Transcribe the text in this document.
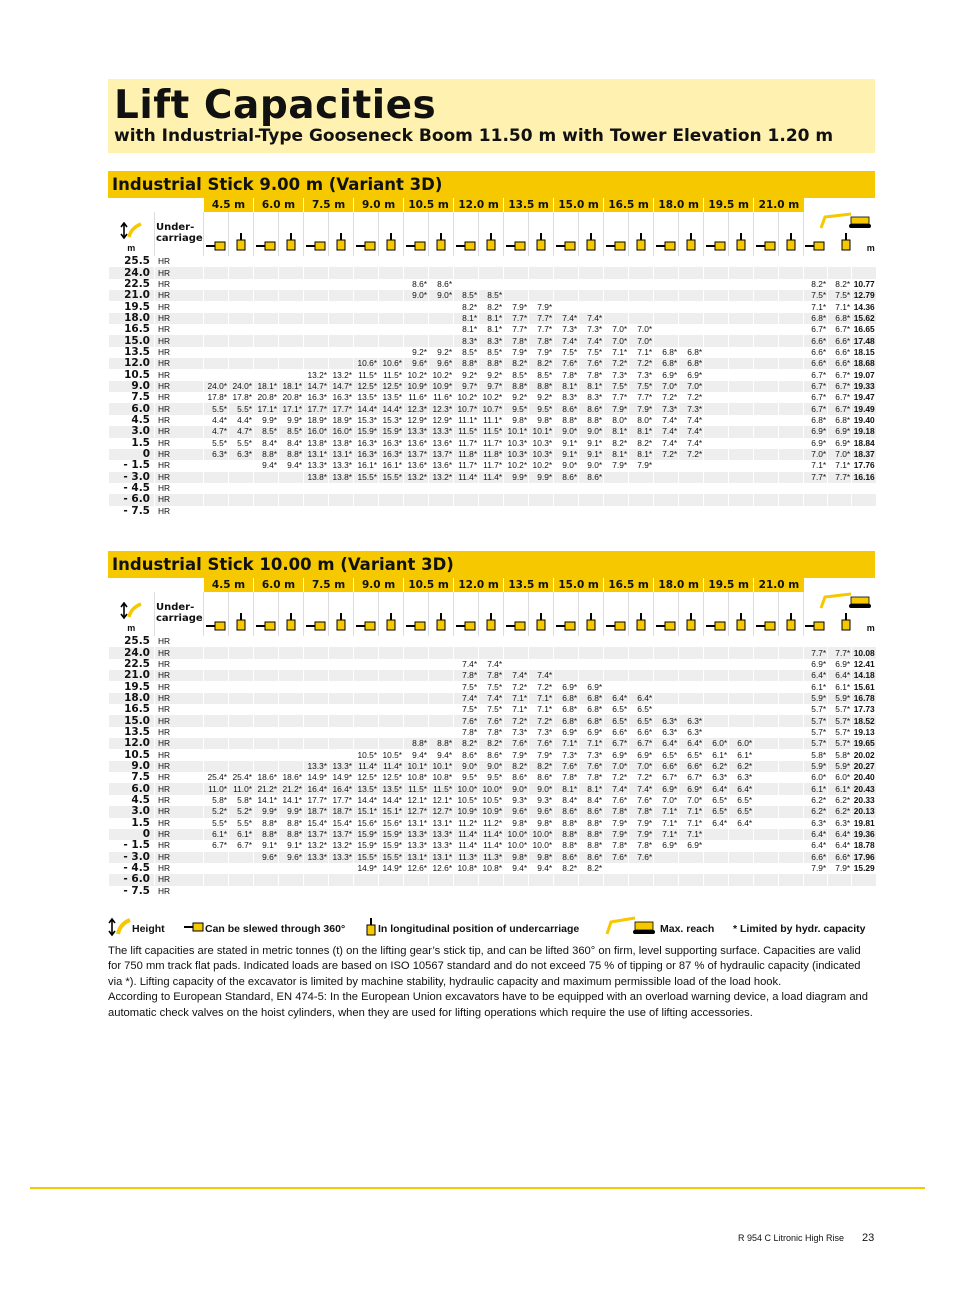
Lift Capacities
with Industrial-Type Gooseneck Boom 11.50 m with Tower Elevation 1.20 m
Industrial Stick 9.00 m (Variant 3D)
		4.5 m		6.0 m		7.5 m		9.0 m		10.5 m		12.0 m		13.5 m		15.0 m		16.5 m		18.0 m		19.5 m		21.0 m				

m	Under-
carriage																									m		

25.5	HR																											
24.0	HR																											
22.5	HR									8.6*	8.6*															8.2*	8.2*	10.77
21.0	HR									9.0*	9.0*	8.5*	8.5*													7.5*	7.5*	12.79
19.5	HR											8.2*	8.2*	7.9*	7.9*											7.1*	7.1*	14.36
18.0	HR											8.1*	8.1*	7.7*	7.7*	7.4*	7.4*									6.8*	6.8*	15.62
16.5	HR											8.1*	8.1*	7.7*	7.7*	7.3*	7.3*	7.0*	7.0*							6.7*	6.7*	16.65
15.0	HR											8.3*	8.3*	7.8*	7.8*	7.4*	7.4*	7.0*	7.0*							6.6*	6.6*	17.48
13.5	HR									9.2*	9.2*	8.5*	8.5*	7.9*	7.9*	7.5*	7.5*	7.1*	7.1*	6.8*	6.8*					6.6*	6.6*	18.15
12.0	HR							10.6*	10.6*	9.6*	9.6*	8.8*	8.8*	8.2*	8.2*	7.6*	7.6*	7.2*	7.2*	6.8*	6.8*					6.6*	6.6*	18.68
10.5	HR					13.2*	13.2*	11.5*	11.5*	10.2*	10.2*	9.2*	9.2*	8.5*	8.5*	7.8*	7.8*	7.3*	7.3*	6.9*	6.9*					6.7*	6.7*	19.07
9.0	HR	24.0*	24.0*	18.1*	18.1*	14.7*	14.7*	12.5*	12.5*	10.9*	10.9*	9.7*	9.7*	8.8*	8.8*	8.1*	8.1*	7.5*	7.5*	7.0*	7.0*					6.7*	6.7*	19.33
7.5	HR	17.8*	17.8*	20.8*	20.8*	16.3*	16.3*	13.5*	13.5*	11.6*	11.6*	10.2*	10.2*	9.2*	9.2*	8.3*	8.3*	7.7*	7.7*	7.2*	7.2*					6.7*	6.7*	19.47
6.0	HR	5.5*	5.5*	17.1*	17.1*	17.7*	17.7*	14.4*	14.4*	12.3*	12.3*	10.7*	10.7*	9.5*	9.5*	8.6*	8.6*	7.9*	7.9*	7.3*	7.3*					6.7*	6.7*	19.49
4.5	HR	4.4*	4.4*	9.9*	9.9*	18.9*	18.9*	15.3*	15.3*	12.9*	12.9*	11.1*	11.1*	9.8*	9.8*	8.8*	8.8*	8.0*	8.0*	7.4*	7.4*					6.8*	6.8*	19.40
3.0	HR	4.7*	4.7*	8.5*	8.5*	16.0*	16.0*	15.9*	15.9*	13.3*	13.3*	11.5*	11.5*	10.1*	10.1*	9.0*	9.0*	8.1*	8.1*	7.4*	7.4*					6.9*	6.9*	19.18
1.5	HR	5.5*	5.5*	8.4*	8.4*	13.8*	13.8*	16.3*	16.3*	13.6*	13.6*	11.7*	11.7*	10.3*	10.3*	9.1*	9.1*	8.2*	8.2*	7.4*	7.4*					6.9*	6.9*	18.84
0	HR	6.3*	6.3*	8.8*	8.8*	13.1*	13.1*	16.3*	16.3*	13.7*	13.7*	11.8*	11.8*	10.3*	10.3*	9.1*	9.1*	8.1*	8.1*	7.2*	7.2*					7.0*	7.0*	18.37
- 1.5	HR			9.4*	9.4*	13.3*	13.3*	16.1*	16.1*	13.6*	13.6*	11.7*	11.7*	10.2*	10.2*	9.0*	9.0*	7.9*	7.9*							7.1*	7.1*	17.76
- 3.0	HR					13.8*	13.8*	15.5*	15.5*	13.2*	13.2*	11.4*	11.4*	9.9*	9.9*	8.6*	8.6*									7.7*	7.7*	16.16
- 4.5	HR																											
- 6.0	HR																											
- 7.5	HR																											
Industrial Stick 10.00 m (Variant 3D)
		4.5 m		6.0 m		7.5 m		9.0 m		10.5 m		12.0 m		13.5 m		15.0 m		16.5 m		18.0 m		19.5 m		21.0 m				

m	Under-
carriage																									m		

25.5	HR																											
24.0	HR																									7.7*	7.7*	10.08
22.5	HR											7.4*	7.4*													6.9*	6.9*	12.41
21.0	HR											7.8*	7.8*	7.4*	7.4*											6.4*	6.4*	14.18
19.5	HR											7.5*	7.5*	7.2*	7.2*	6.9*	6.9*									6.1*	6.1*	15.61
18.0	HR											7.4*	7.4*	7.1*	7.1*	6.8*	6.8*	6.4*	6.4*							5.9*	5.9*	16.78
16.5	HR											7.5*	7.5*	7.1*	7.1*	6.8*	6.8*	6.5*	6.5*							5.7*	5.7*	17.73
15.0	HR											7.6*	7.6*	7.2*	7.2*	6.8*	6.8*	6.5*	6.5*	6.3*	6.3*					5.7*	5.7*	18.52
13.5	HR											7.8*	7.8*	7.3*	7.3*	6.9*	6.9*	6.6*	6.6*	6.3*	6.3*					5.7*	5.7*	19.13
12.0	HR									8.8*	8.8*	8.2*	8.2*	7.6*	7.6*	7.1*	7.1*	6.7*	6.7*	6.4*	6.4*	6.0*	6.0*			5.7*	5.7*	19.65
10.5	HR							10.5*	10.5*	9.4*	9.4*	8.6*	8.6*	7.9*	7.9*	7.3*	7.3*	6.9*	6.9*	6.5*	6.5*	6.1*	6.1*			5.8*	5.8*	20.02
9.0	HR					13.3*	13.3*	11.4*	11.4*	10.1*	10.1*	9.0*	9.0*	8.2*	8.2*	7.6*	7.6*	7.0*	7.0*	6.6*	6.6*	6.2*	6.2*			5.9*	5.9*	20.27
7.5	HR	25.4*	25.4*	18.6*	18.6*	14.9*	14.9*	12.5*	12.5*	10.8*	10.8*	9.5*	9.5*	8.6*	8.6*	7.8*	7.8*	7.2*	7.2*	6.7*	6.7*	6.3*	6.3*			6.0*	6.0*	20.40
6.0	HR	11.0*	11.0*	21.2*	21.2*	16.4*	16.4*	13.5*	13.5*	11.5*	11.5*	10.0*	10.0*	9.0*	9.0*	8.1*	8.1*	7.4*	7.4*	6.9*	6.9*	6.4*	6.4*			6.1*	6.1*	20.43
4.5	HR	5.8*	5.8*	14.1*	14.1*	17.7*	17.7*	14.4*	14.4*	12.1*	12.1*	10.5*	10.5*	9.3*	9.3*	8.4*	8.4*	7.6*	7.6*	7.0*	7.0*	6.5*	6.5*			6.2*	6.2*	20.33
3.0	HR	5.2*	5.2*	9.9*	9.9*	18.7*	18.7*	15.1*	15.1*	12.7*	12.7*	10.9*	10.9*	9.6*	9.6*	8.6*	8.6*	7.8*	7.8*	7.1*	7.1*	6.5*	6.5*			6.2*	6.2*	20.13
1.5	HR	5.5*	5.5*	8.8*	8.8*	15.4*	15.4*	15.6*	15.6*	13.1*	13.1*	11.2*	11.2*	9.8*	9.8*	8.8*	8.8*	7.9*	7.9*	7.1*	7.1*	6.4*	6.4*			6.3*	6.3*	19.81
0	HR	6.1*	6.1*	8.8*	8.8*	13.7*	13.7*	15.9*	15.9*	13.3*	13.3*	11.4*	11.4*	10.0*	10.0*	8.8*	8.8*	7.9*	7.9*	7.1*	7.1*					6.4*	6.4*	19.36
- 1.5	HR	6.7*	6.7*	9.1*	9.1*	13.2*	13.2*	15.9*	15.9*	13.3*	13.3*	11.4*	11.4*	10.0*	10.0*	8.8*	8.8*	7.8*	7.8*	6.9*	6.9*					6.4*	6.4*	18.78
- 3.0	HR			9.6*	9.6*	13.3*	13.3*	15.5*	15.5*	13.1*	13.1*	11.3*	11.3*	9.8*	9.8*	8.6*	8.6*	7.6*	7.6*							6.6*	6.6*	17.96
- 4.5	HR							14.9*	14.9*	12.6*	12.6*	10.8*	10.8*	9.4*	9.4*	8.2*	8.2*									7.9*	7.9*	15.29
- 6.0	HR																											
- 7.5	HR																											
Height	Can be slewed through 360°	In longitudinal position of undercarriage	Max. reach * Limited by hydr. capacity

The lift capacities are stated in metric tonnes (t) on the lifting gear’s stick tip, and can be lifted 360° on firm, level supporting surface. Capacities are valid for 750 mm track flat pads. Indicated loads are based on ISO 10567 standard and do not exceed 75 % of tipping or 87 % of hydraulic capacity (indicated via *). Lifting capacity of the excavator is limited by machine stability, hydraulic capacity and maximum permissible load of the load hook.

According to European Standard, EN 474-5: In the European Union excavators have to be equipped with an overload warning device, a load diagram and automatic check valves on the hoist cylinders, when they are used for lifting operations which require the use of lifting accessories.

R 954 C Litronic High Rise 23
